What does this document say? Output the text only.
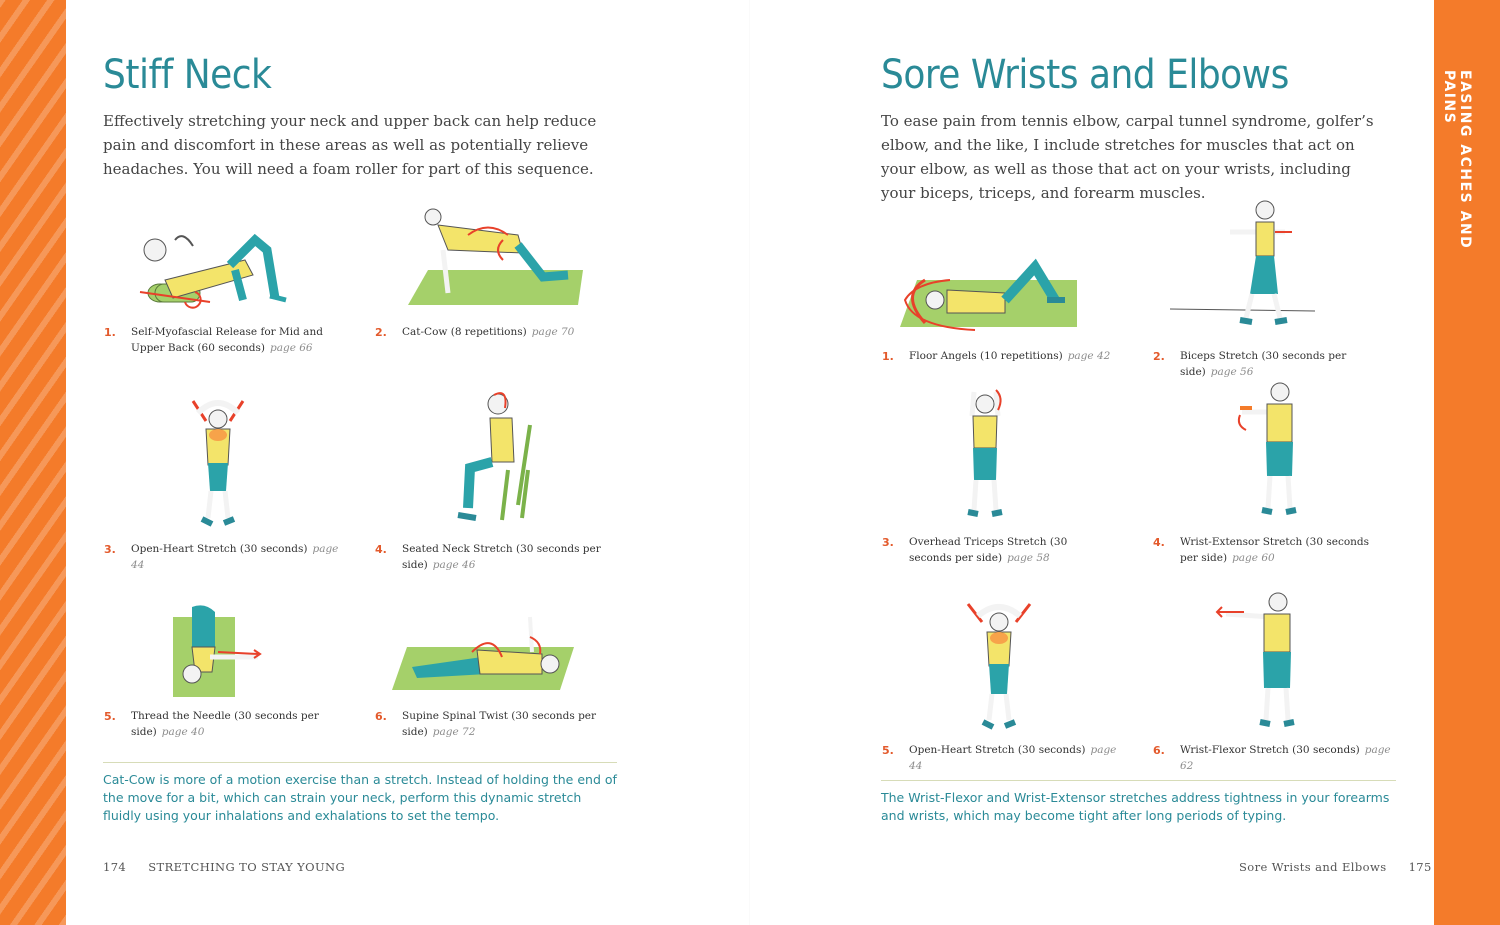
EASING ACHES AND PAINS
Stiff Neck

Effectively stretching your neck and upper back can help reduce pain and discomfort in these areas as well as potentially relieve headaches. You will need a foam roller for part of this sequence.

1. Self-Myofascial Release for Mid and Upper Back (60 seconds) page 66
2. Cat-Cow (8 repetitions) page 70
3. Open-Heart Stretch (30 seconds) page 44
4. Seated Neck Stretch (30 seconds per side) page 46
5. Thread the Needle (30 seconds per side) page 40
6. Supine Spinal Twist (30 seconds per side) page 72

Cat-Cow is more of a motion exercise than a stretch. Instead of holding the end of the move for a bit, which can strain your neck, perform this dynamic stretch fluidly using your inhalations and exhalations to set the tempo.

174 STRETCHING TO STAY YOUNG
Sore Wrists and Elbows

To ease pain from tennis elbow, carpal tunnel syndrome, golfer’s elbow, and the like, I include stretches for muscles that act on your elbow, as well as those that act on your wrists, including your biceps, triceps, and forearm muscles.

1. Floor Angels (10 repetitions) page 42	2. Biceps Stretch (30 seconds per side) page 56
3. Overhead Triceps Stretch (30 seconds per side) page 58
4. Wrist-Extensor Stretch (30 seconds per side) page 60
5. Open-Heart Stretch (30 seconds) page 44
6. Wrist-Flexor Stretch (30 seconds) page 62

The Wrist-Flexor and Wrist-Extensor stretches address tightness in your forearms and wrists, which may become tight after long periods of typing.

Sore Wrists and Elbows 175
